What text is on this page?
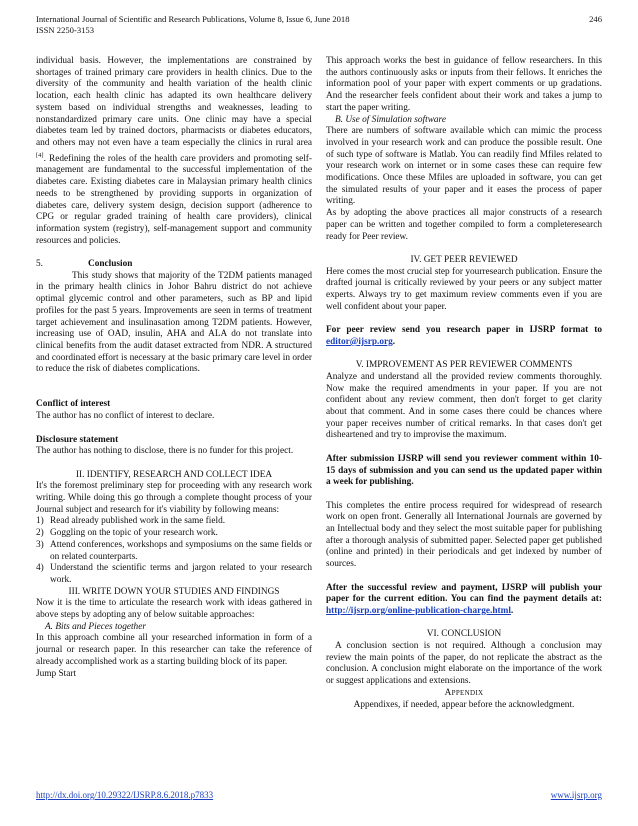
International Journal of Scientific and Research Publications, Volume 8, Issue 6, June 2018
ISSN 2250-3153
246

individual basis. However, the implementations are constrained by shortages of trained primary care providers in health clinics. Due to the diversity of the community and health variation of the health clinic location, each health clinic has adapted its own healthcare delivery system based on individual strengths and weaknesses, leading to nonstandardized primary care units. One clinic may have a special diabetes team led by trained doctors, pharmacists or diabetes educators, and others may not even have a team especially the clinics in rural area [4]. Redefining the roles of the health care providers and promoting self-management are fundamental to the successful implementation of the diabetes care. Existing diabetes care in Malaysian primary health clinics needs to be strengthened by providing supports in organization of diabetes care, delivery system design, decision support (adherence to CPG or regular graded training of health care providers), clinical information system (registry), self-management support and community resources and policies.

5.	Conclusion

This study shows that majority of the T2DM patients managed in the primary health clinics in Johor Bahru district do not achieve optimal glycemic control and other parameters, such as BP and lipid profiles for the past 5 years. Improvements are seen in terms of treatment target achievement and insulinasation among T2DM patients. However, increasing use of OAD, insulin, AHA and ALA do not translate into clinical benefits from the audit dataset extracted from NDR. A structured and coordinated effort is necessary at the basic primary care level in order to reduce the risk of diabetes complications.

Conflict of interest

The author has no conflict of interest to declare.

Disclosure statement

The author has nothing to disclose, there is no funder for this project.

II. IDENTIFY, RESEARCH AND COLLECT IDEA

It's the foremost preliminary step for proceeding with any research work writing. While doing this go through a complete thought process of your Journal subject and research for it's viability by following means:

1) Read already published work in the same field.
2) Goggling on the topic of your research work.
3) Attend conferences, workshops and symposiums on the same fields or on related counterparts.
4) Understand the scientific terms and jargon related to your research work.

III. WRITE DOWN YOUR STUDIES AND FINDINGS

Now it is the time to articulate the research work with ideas gathered in above steps by adopting any of below suitable approaches:

A. Bits and Pieces together

In this approach combine all your researched information in form of a journal or research paper. In this researcher can take the reference of already accomplished work as a starting building block of its paper.

Jump Start

This approach works the best in guidance of fellow researchers. In this the authors continuously asks or inputs from their fellows. It enriches the information pool of your paper with expert comments or up gradations. And the researcher feels confident about their work and takes a jump to start the paper writing.

B. Use of Simulation software

There are numbers of software available which can mimic the process involved in your research work and can produce the possible result. One of such type of software is Matlab. You can readily find Mfiles related to your research work on internet or in some cases these can require few modifications. Once these Mfiles are uploaded in software, you can get the simulated results of your paper and it eases the process of paper writing.

As by adopting the above practices all major constructs of a research paper can be written and together compiled to form a completeresearch ready for Peer review.

IV. GET PEER REVIEWED

Here comes the most crucial step for yourresearch publication. Ensure the drafted journal is critically reviewed by your peers or any subject matter experts. Always try to get maximum review comments even if you are well confident about your paper.

For peer review send you research paper in IJSRP format to editor@ijsrp.org.

V. IMPROVEMENT AS PER REVIEWER COMMENTS

Analyze and understand all the provided review comments thoroughly. Now make the required amendments in your paper. If you are not confident about any review comment, then don't forget to get clarity about that comment. And in some cases there could be chances where your paper receives number of critical remarks. In that cases don't get disheartened and try to improvise the maximum.

After submission IJSRP will send you reviewer comment within 10-15 days of submission and you can send us the updated paper within a week for publishing.

This completes the entire process required for widespread of research work on open front. Generally all International Journals are governed by an Intellectual body and they select the most suitable paper for publishing after a thorough analysis of submitted paper. Selected paper get published (online and printed) in their periodicals and get indexed by number of sources.

After the successful review and payment, IJSRP will publish your paper for the current edition. You can find the payment details at: http://ijsrp.org/online-publication-charge.html.

VI. CONCLUSION

A conclusion section is not required. Although a conclusion may review the main points of the paper, do not replicate the abstract as the conclusion. A conclusion might elaborate on the importance of the work or suggest applications and extensions.

Appendix

Appendixes, if needed, appear before the acknowledgment.

http://dx.doi.org/10.29322/IJSRP.8.6.2018.p7833	www.ijsrp.org
